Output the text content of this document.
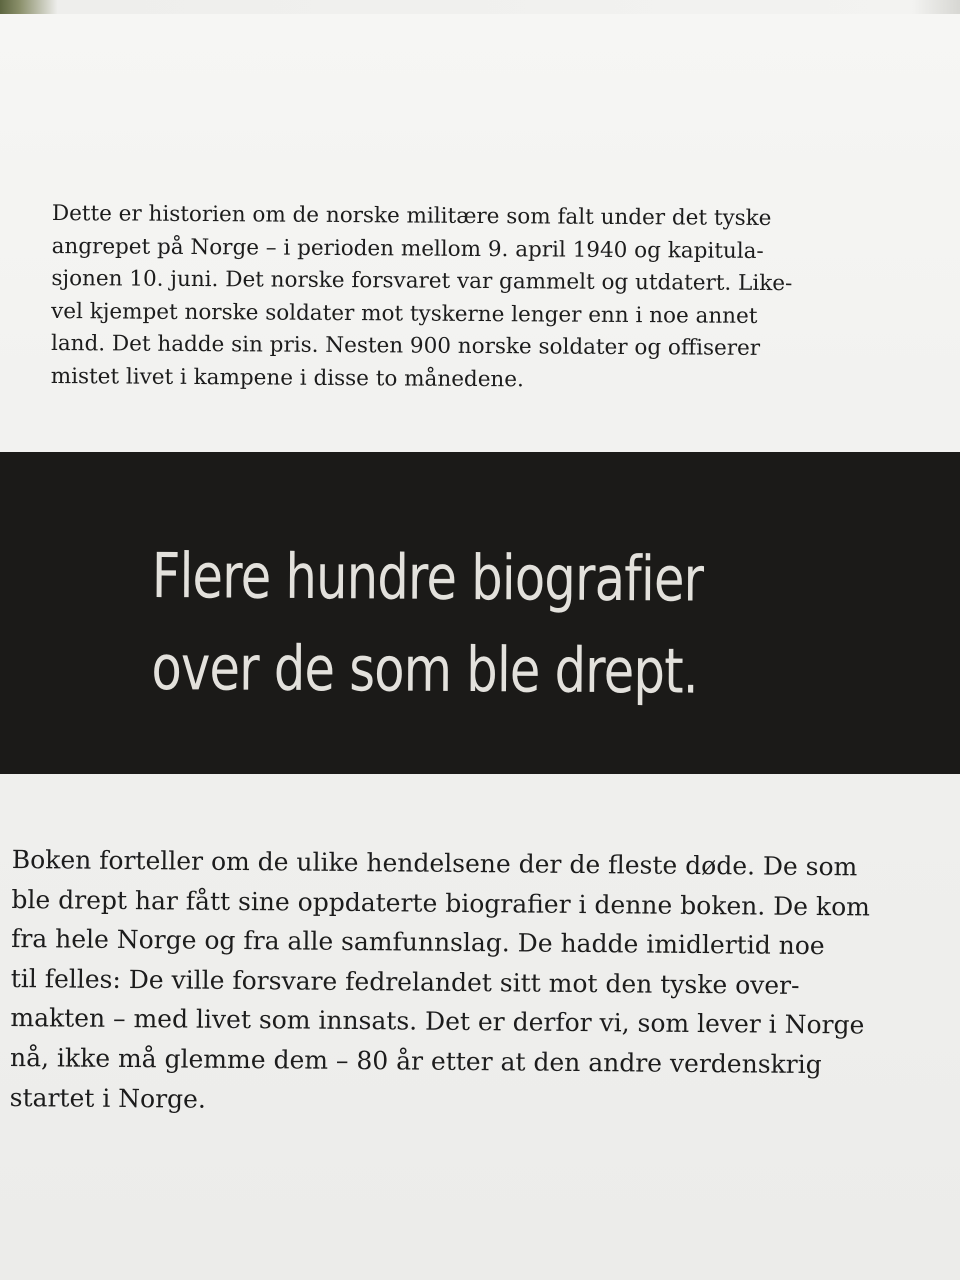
Dette er historien om de norske militære som falt under det tyske
angrepet på Norge – i perioden mellom 9. april 1940 og kapitula-
sjonen 10. juni. Det norske forsvaret var gammelt og utdatert. Like-
vel kjempet norske soldater mot tyskerne lenger enn i noe annet
land. Det hadde sin pris. Nesten 900 norske soldater og offiserer
mistet livet i kampene i disse to månedene.

Flere hundre biografier
over de som ble drept.

Boken forteller om de ulike hendelsene der de fleste døde. De som
ble drept har fått sine oppdaterte biografier i denne boken. De kom
fra hele Norge og fra alle samfunnslag. De hadde imidlertid noe
til felles: De ville forsvare fedrelandet sitt mot den tyske over-
makten – med livet som innsats. Det er derfor vi, som lever i Norge
nå, ikke må glemme dem – 80 år etter at den andre verdenskrig
startet i Norge.
